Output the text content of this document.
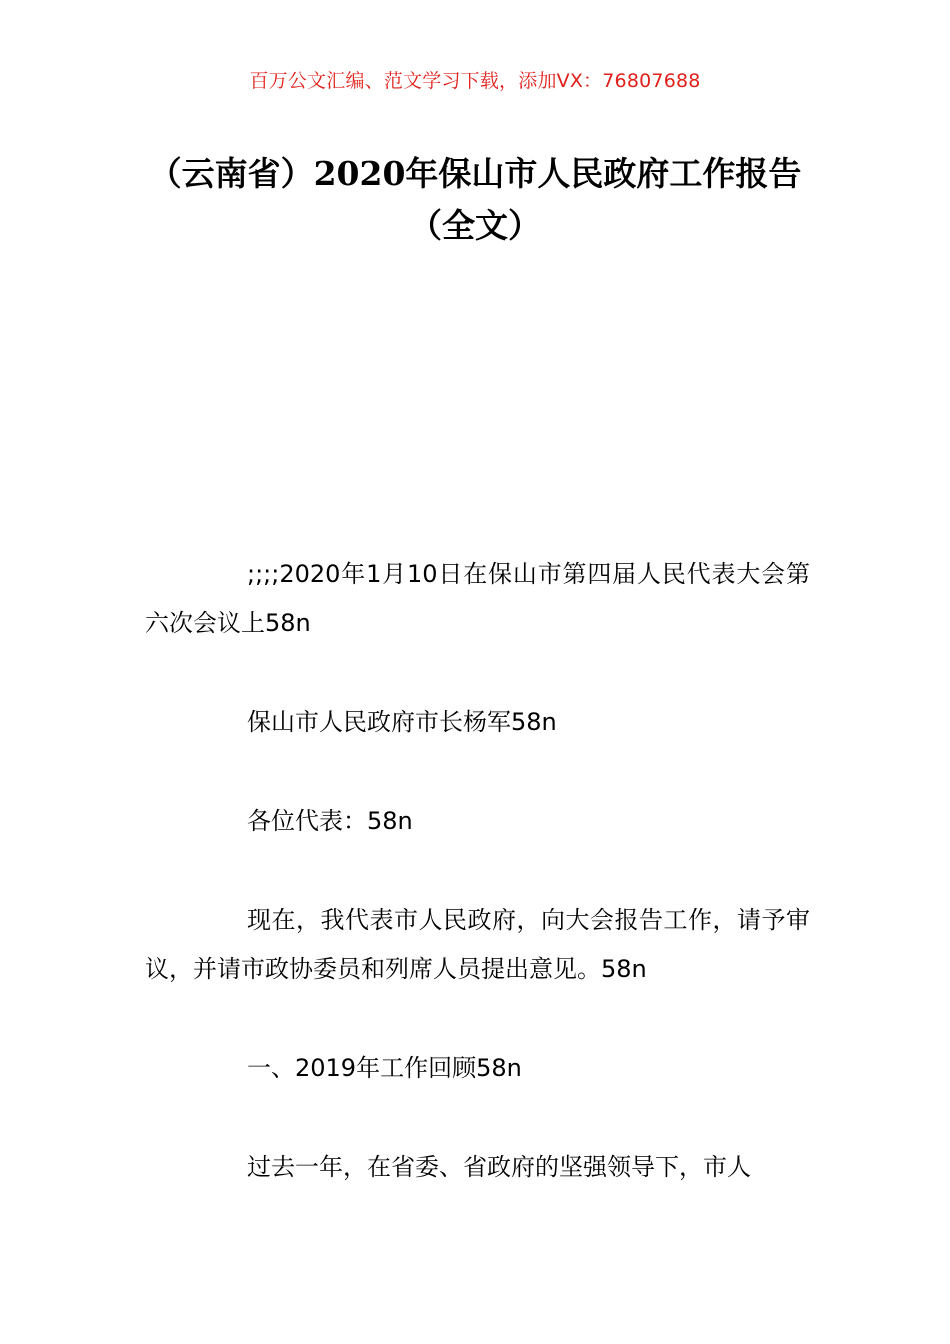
百万公文汇编、范文学习下载，添加VX：76807688
（云南省）2020年保山市人民政府工作报告（全文）

;;;;2020年1月10日在保山市第四届人民代表大会第六次会议上58n

保山市人民政府市长杨军58n

各位代表：58n

现在，我代表市人民政府，向大会报告工作，请予审议，并请市政协委员和列席人员提出意见。58n

一、2019年工作回顾58n

过去一年，在省委、省政府的坚强领导下，市人
